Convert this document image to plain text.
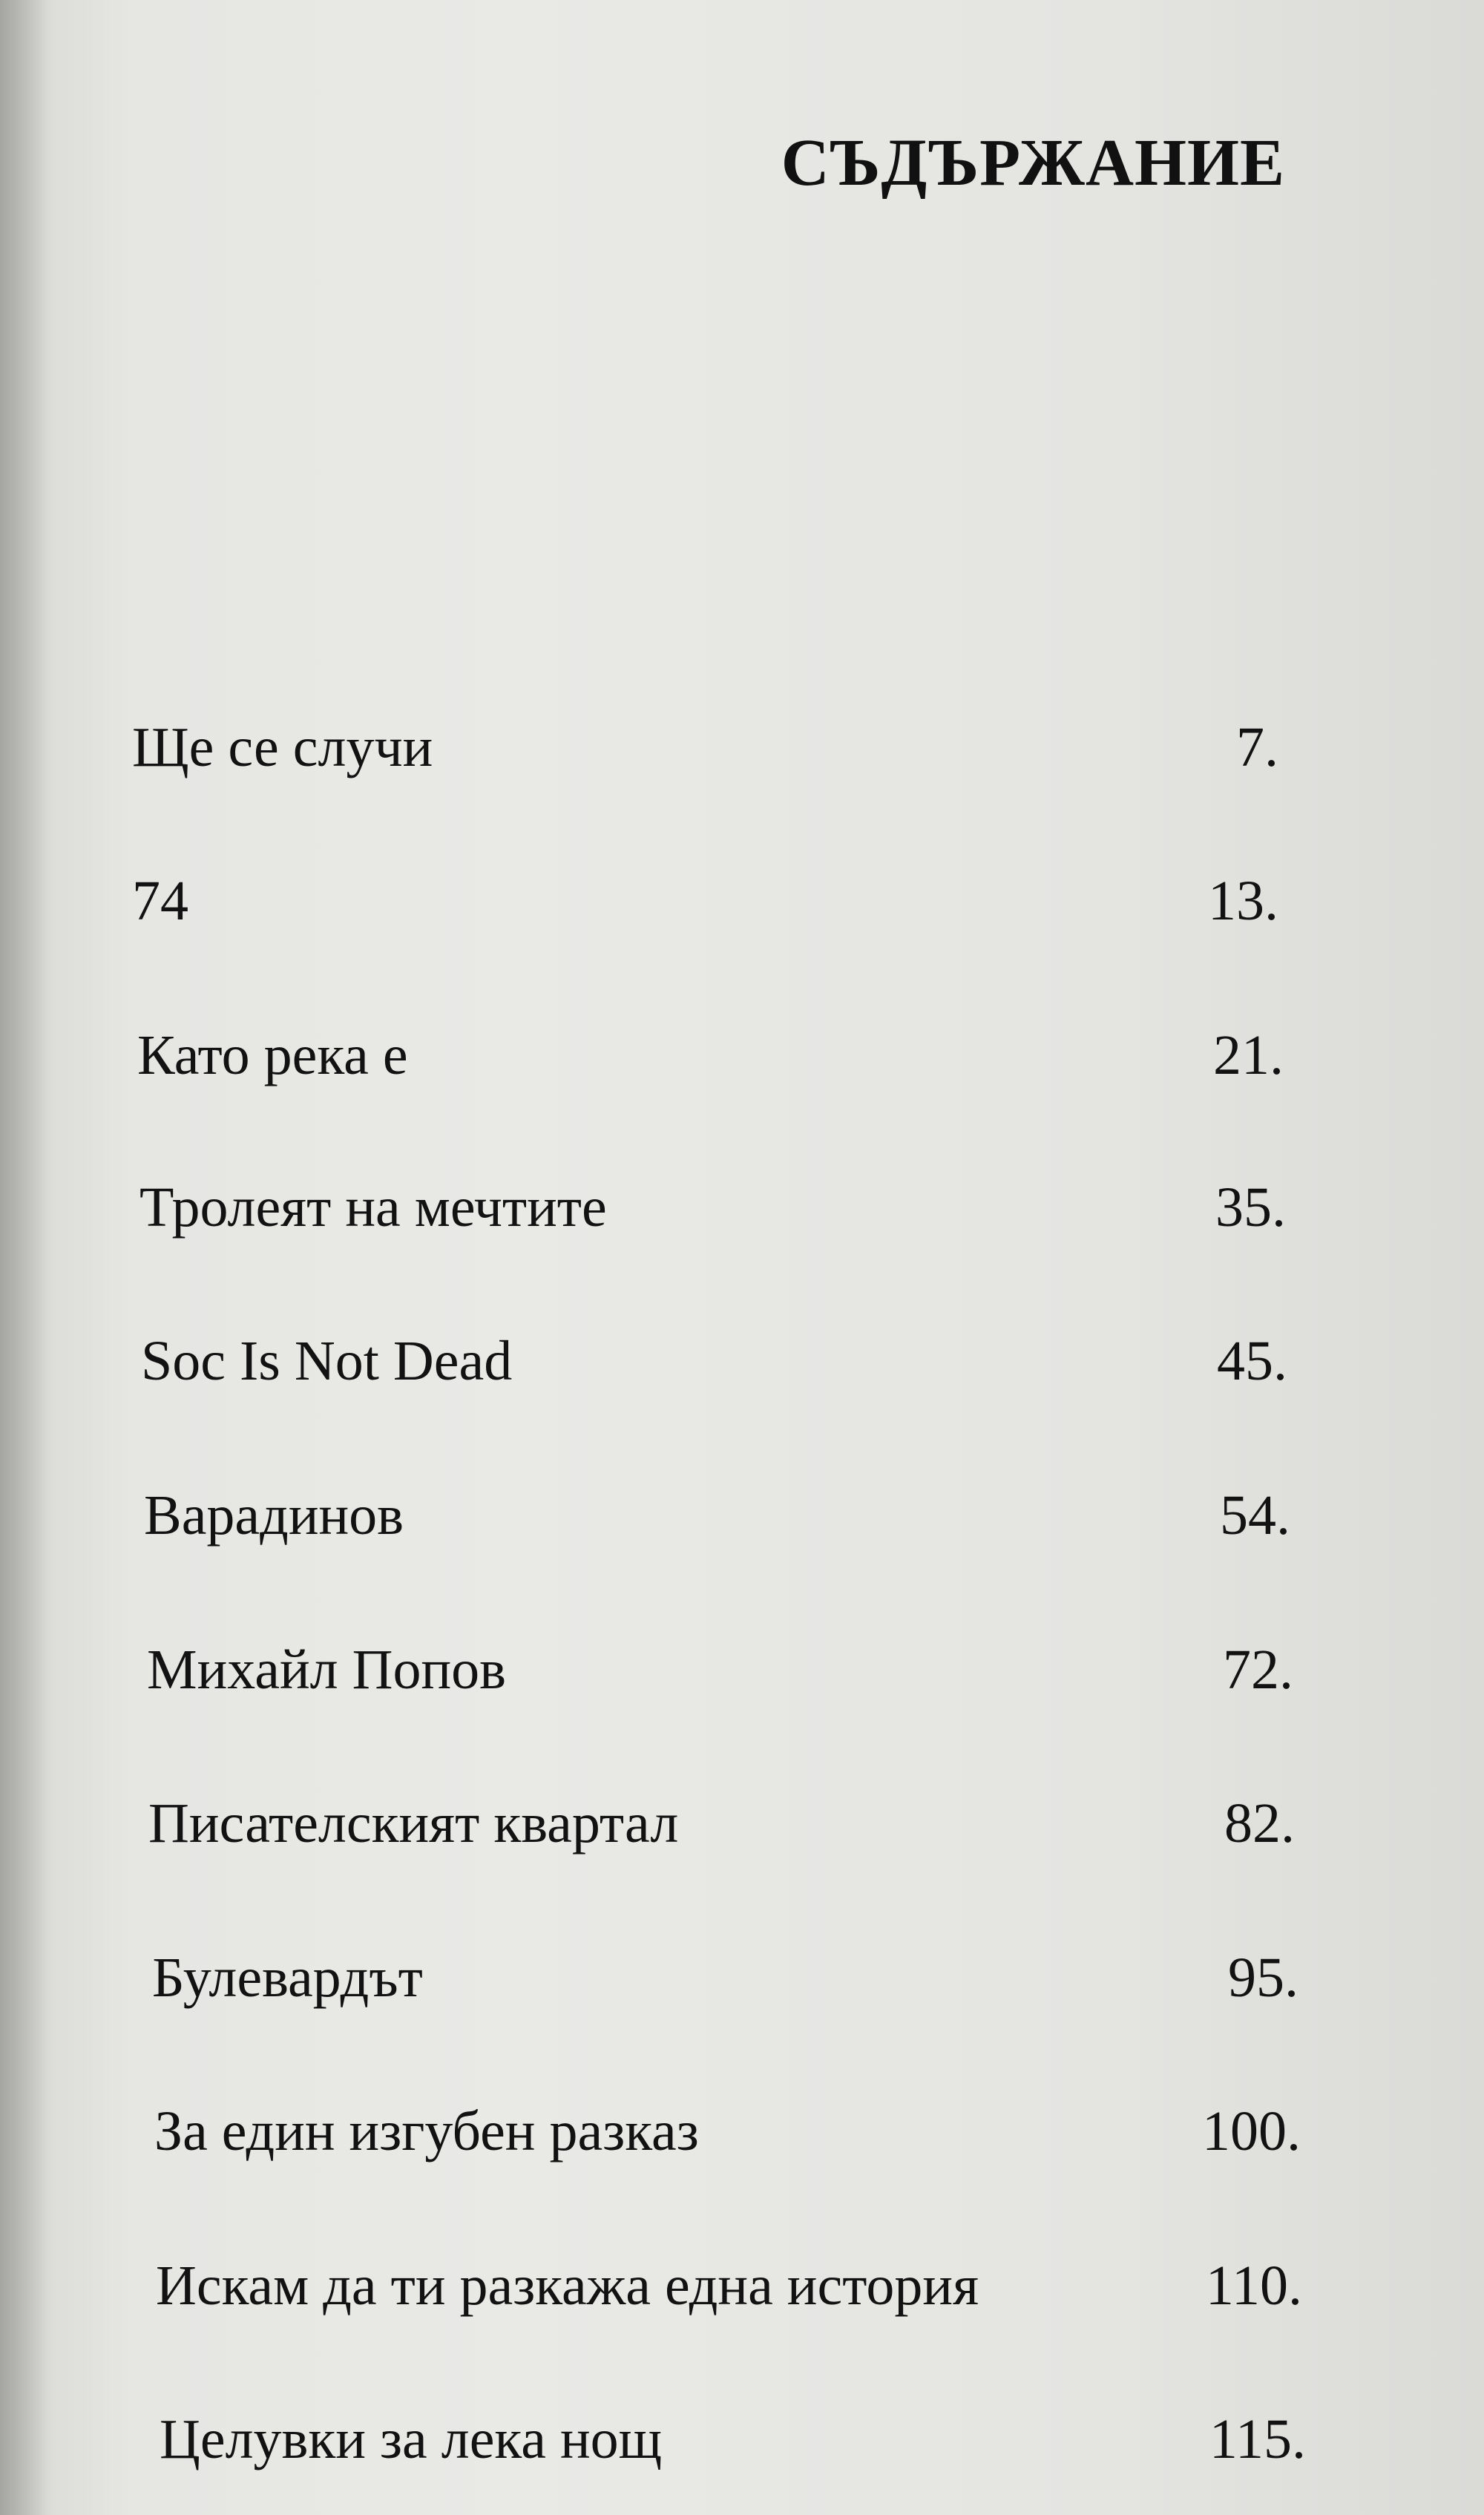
СЪДЪРЖАНИЕ
Ще се случи	7.
74	13.
Като река е	21.
Тролеят на мечтите	35.
Soc Is Not Dead	45.
Варадинов	54.
Михайл Попов	72.
Писателският квартал	82.
Булевардът	95.
За един изгубен разказ	100.
Искам да ти разкажа една история	110.
Целувки за лека нощ	115.
